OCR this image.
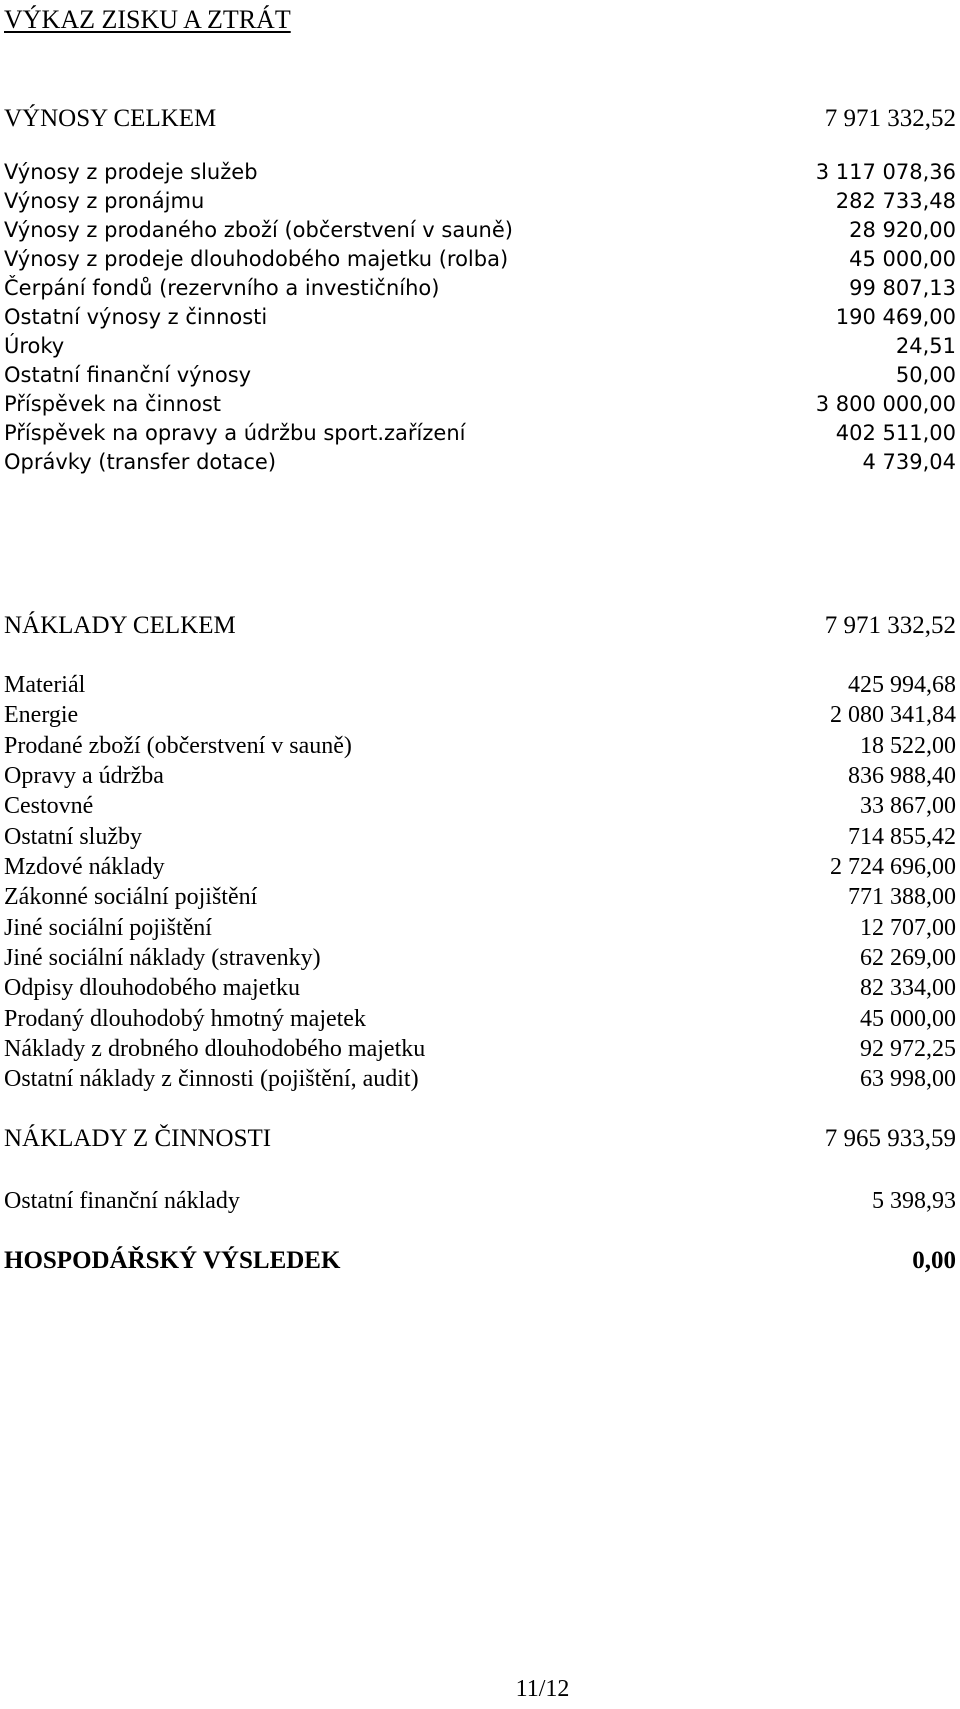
VÝKAZ ZISKU A ZTRÁT
VÝNOSY CELKEM	7 971 332,52
Výnosy z prodeje služeb	3 117 078,36
Výnosy z pronájmu	282 733,48
Výnosy z prodaného zboží (občerstvení v sauně)	28 920,00
Výnosy z prodeje dlouhodobého majetku (rolba)	45 000,00
Čerpání fondů (rezervního a investičního)	99 807,13
Ostatní výnosy z činnosti	190 469,00
Úroky	24,51
Ostatní finanční výnosy	50,00
Příspěvek na činnost	3 800 000,00
Příspěvek na opravy a údržbu sport.zařízení	402 511,00
Oprávky (transfer dotace)	4 739,04
NÁKLADY CELKEM	7 971 332,52
Materiál	425 994,68
Energie	2 080 341,84
Prodané zboží (občerstvení v sauně)	18 522,00
Opravy a údržba	836 988,40
Cestovné	33 867,00
Ostatní služby	714 855,42
Mzdové náklady	2 724 696,00
Zákonné sociální pojištění	771 388,00
Jiné sociální pojištění	12 707,00
Jiné sociální náklady (stravenky)	62 269,00
Odpisy dlouhodobého majetku	82 334,00
Prodaný dlouhodobý hmotný majetek	45 000,00
Náklady z drobného dlouhodobého majetku	92 972,25
Ostatní náklady z činnosti (pojištění, audit)	63 998,00
NÁKLADY Z ČINNOSTI	7 965 933,59
Ostatní finanční náklady	5 398,93
HOSPODÁŘSKÝ VÝSLEDEK	0,00
11/12
